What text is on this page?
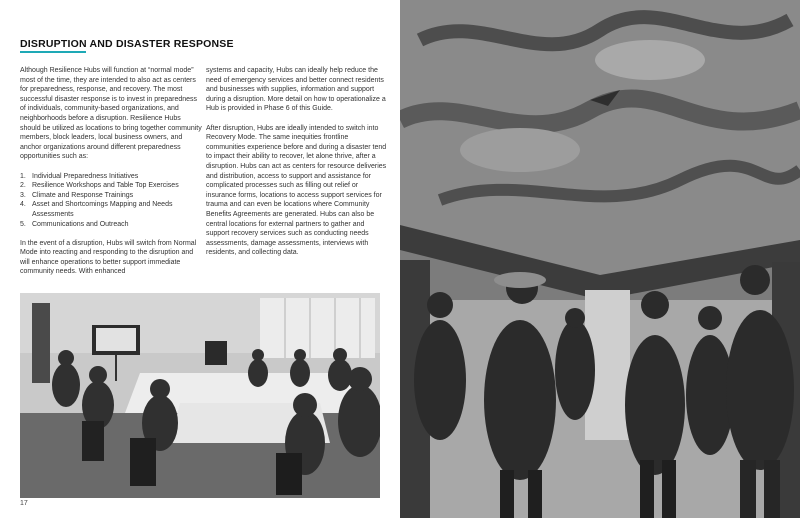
DISRUPTION AND DISASTER RESPONSE

Although Resilience Hubs will function at “normal mode” most of the time, they are intended to also act as centers for preparedness, response, and recovery. The most successful disaster response is to invest in preparedness of individuals, community-based organizations, and neighborhoods before a disruption. Resilience Hubs should be utilized as locations to bring together community members, block leaders, local business owners, and anchor organizations around different preparedness opportunities such as:

1. Individual Preparedness Initiatives
2. Resilience Workshops and Table Top Exercises
3. Climate and Response Trainings
4. Asset and Shortcomings Mapping and Needs Assessments
5. Communications and Outreach

In the event of a disruption, Hubs will switch from Normal Mode into reacting and responding to the disruption and will enhance operations to better support immediate community needs. With enhanced

systems and capacity, Hubs can ideally help reduce the need of emergency services and better connect residents and businesses with supplies, information and support during a disruption. More detail on how to operationalize a Hub is provided in Phase 6 of this Guide.

After disruption, Hubs are ideally intended to switch into Recovery Mode. The same inequities frontline communities experience before and during a disaster tend to impact their ability to recover, let alone thrive, after a disruption. Hubs can act as centers for resource deliveries and distribution, access to support and assistance for complicated processes such as filling out relief or insurance forms, locations to access support services for trauma and can even be locations where Community Benefits Agreements are generated. Hubs can also be central locations for external partners to gather and support recovery services such as conducting needs assessments, damage assessments, interviews with residents, and collecting data.

17
